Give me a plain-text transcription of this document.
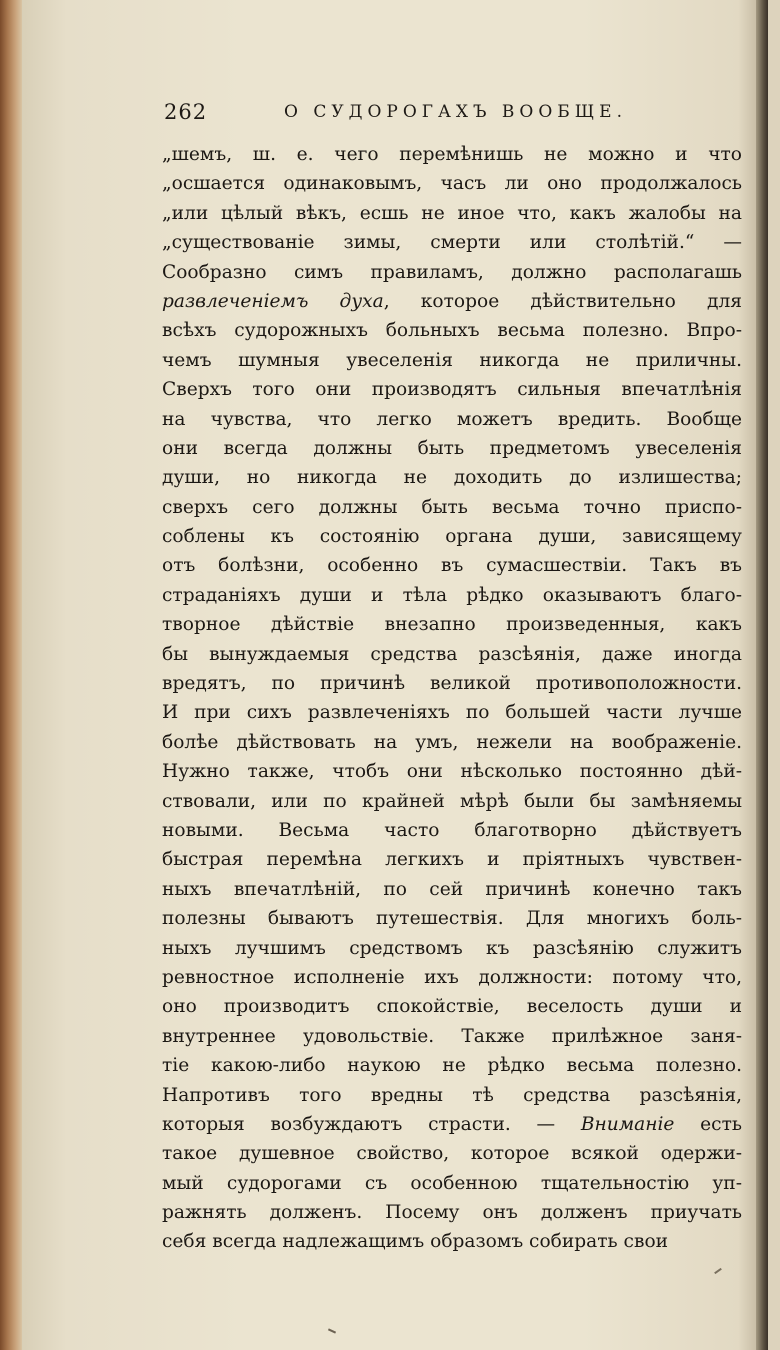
262	О СУДОРОГАХЪ ВООБЩЕ.
„шемъ, ш. е. чего перемѣнишь не можно и что
„осшается одинаковымъ, часъ ли оно продолжалось
„или цѣлый вѣкъ, есшь не иное что, какъ жалобы на
„существованіе зимы, смерти или столѣтій.“ —
Сообразно симъ правиламъ, должно располагашь
развлеченіемъ духа, которое дѣйствительно для
всѣхъ судорожныхъ больныхъ весьма полезно. Впро-
чемъ шумныя увеселенія никогда не приличны.
Сверхъ того они производятъ сильныя впечатлѣнія
на чувства, что легко можетъ вредить. Вообще
они всегда должны быть предметомъ увеселенія
души, но никогда не доходить до излишества;
сверхъ сего должны быть весьма точно приспо-
соблены къ состоянію органа души, зависящему
отъ болѣзни, особенно въ сумасшествіи. Такъ въ
страданіяхъ души и тѣла рѣдко оказываютъ благо-
творное дѣйствіе внезапно произведенныя, какъ
бы вынуждаемыя средства разсѣянія, даже иногда
вредятъ, по причинѣ великой противоположности.
И при сихъ развлеченіяхъ по большей части лучше
болѣе дѣйствовать на умъ, нежели на воображеніе.
Нужно также, чтобъ они нѣсколько постоянно дѣй-
ствовали, или по крайней мѣрѣ были бы замѣняемы
новыми. Весьма часто благотворно дѣйствуетъ
быстрая перемѣна легкихъ и пріятныхъ чувствен-
ныхъ впечатлѣній, по сей причинѣ конечно такъ
полезны бываютъ путешествія. Для многихъ боль-
ныхъ лучшимъ средствомъ къ разсѣянію служитъ
ревностное исполненіе ихъ должности: потому что,
оно производитъ спокойствіе, веселость души и
внутреннее удовольствіе. Также прилѣжное заня-
тіе какою-либо наукою не рѣдко весьма полезно.
Напротивъ того вредны тѣ средства разсѣянія,
которыя возбуждаютъ страсти. — Вниманіе есть
такое душевное свойство, которое всякой одержи-
мый судорогами съ особенною тщательностію уп-
ражнять долженъ. Посему онъ долженъ приучать
себя всегда надлежащимъ образомъ собирать свои
